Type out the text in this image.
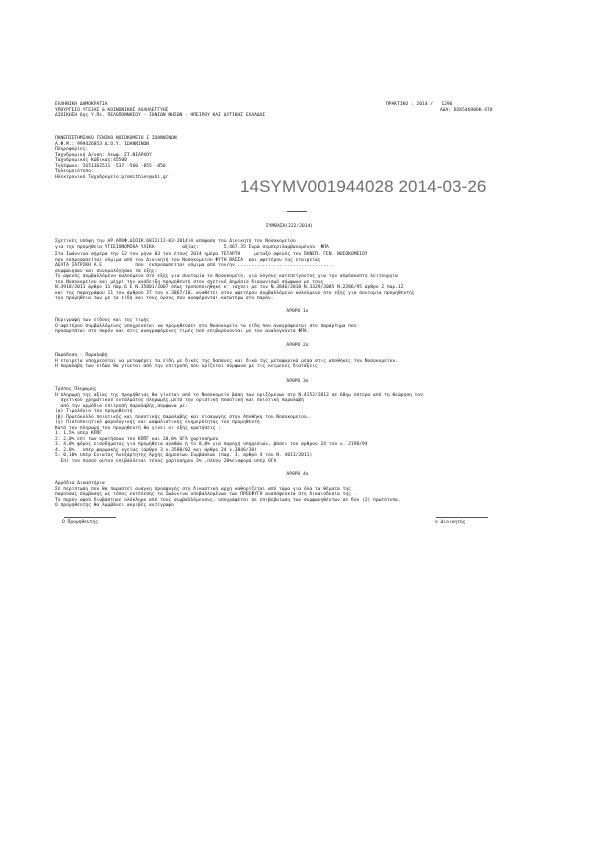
ΕΛΛΗΝΙΚΗ ΔΗΜΟΚΡΑΤΙΑ
ΥΠΟΥΡΓΕΙΟ ΥΓΕΙΑΣ & ΚΟΙΝΩΝΙΚΗΣ ΑΛΛΗΛΕΓΓΥΗΣ
ΔΙΟΙΚΗΣΗ 6ης Υ.Πε. ΠΕΛΟΠΟΝΝΗΣΟΥ - ΙΟΝΙΩΝ ΝΗΣΩΝ - ΗΠΕΙΡΟΥ ΚΑΙ ΔΥΤΙΚΗΣ ΕΛΛΑΔΑΣ
ΠΡΑΚΤΙΚΟ : 2014 /   1296
ΑΔΑ: ΒΙΚ546906Κ-47Θ
ΠΑΝΕΠΙΣΤΗΜΙΑΚΟ ΓΕΝΙΚΟ ΝΟΣΟΚΟΜΕΙΟ Ι ΙΩΑΝΝΙΝΩΝ
Α.Φ.Μ.: 999426853 Δ.Ο.Υ. ΙΩΑΝΝΙΝΩΝ
Πληροφορίες:
Ταχυδρομική Δ/νση: Λεωφ. ΣΤ.ΝΙΑΡΧΟΥ
Ταχυδρομικός Κώδικας:45500
Τηλέφωνο: 2651362511 -537 -560 -855 -856
Τηλεομοιότυπο:
Ηλεκτρονικό Ταχυδρομείο:promithies@uhi.gr	14SYMV001944028 2014-03-26
ΣΥΜΒΑΣΗ(222/2014)
Σχετικές υπόψη την ΑΡ.ΑΠΟΦ.ΔΙΟΙΚ.6812(12-03-2014)Α απόφαση του Διοικητή του Νοσοκομείου
για την προμήθεια ΥΓΙΕΙΟΝΟΜΙΚΑ ΥΛΙΚΑ          αξίας:         5,467.35 Ευρώ συμπεριλαμβανομένου  ΦΠΑ
Στα Ιωάννινα σήμερα την 12 του μήνα 03 του έτους 2014 ημέρα ΤΕΤΑΡΤΗ     μεταξύ αφενός του ΠΑΝΕΠ. ΓΕΝ. ΝΟΣΟΚΟΜΕΙΟΥ
που εκπροσωπείται νόμιμα από τον Διοικητή του Νοσοκομείου ΦΥΤΗ ΒΑΣΣΑ  και αφετέρου της εταιρείας
ΔΕΛΤΑ ΙΑΤΡΙΚΗ Α.Ε            που  εκπροσωπείται νόμιμα από τον/ην ...................................
συμφώνησαν και συνομολόγησαν τα εξής:
Το αφενός συμβαλλόμενο καλούμενο στο εξής για συντομία το Νοσοκομείο, για λόγους κατεπείγοντος για την απρόσκοπτη λειτουργία
του Νοσοκομείου και μέχρι την ανάδειξη προμηθευτή στον σχετικό Δημόσιο διαγωνισμό σύμφωνα με τους
Ν.3918/2011 άρθρο 11 παρ.6 Ε Ν.35801/2007 όπως τροποποιήθηκε κ' ισχύει με τον Ν.3846/2010 Ν.3329/2005 Ν.2286/95 άρθρο 2 παρ.12
και της παραγράφου 11 του άρθρου 27 του ν.3867/10, αναθέτει στον αφετέρου συμβαλλόμενο καλούμενο στο εξής για συντομία προμηθευτής
την προμήθεια των με τα είδη και τους όρους που αναφέρονται κατωτέρω στο παρόν.
ΑΡΘΡΟ 1ο
Περιγραφή των είδους και της τιμής
Ο αφετέρου συμβαλλόμενος υποχρεούται να προμηθεύσει στο Νοσοκομείο τα είδη που αναγράφονται στο παράρτημα που
προσαρτάται στο παρόν και στις αναγραφόμενες τιμές πού επιβαρύνονται με τον αναλογούντα ΦΠΑ.
ΑΡΘΡΟ 2ο
Παράδοση - Παραλαβή
Η εταιρεία υποχρεούται να μεταφέρει τα είδη με δικές της δαπάνες και δικά της μεταφορικά μέσα στις αποθήκες του Νοσοκομείου.
Η παραλαβή των ειδών θα γίνεται από την επιτροπή που ορίζεται σύμφωνα με τις κείμενες διατάξεις
ΑΡΘΡΟ 3ο
Τρόπος Πληρωμής
Η πληρωμή της αξίας της προμήθειας θα γίνεται από το Νοσοκομείο βάση των οριζόμενων στο Ν.4152/2013 σε 60ημ ύστερα από τη θεώρηση του
σχετικού χρηματικού εντάλματος πληρωμής,μετά την οριστική ποσοτική και ποιοτική παραλαβή
από την αρμόδια επιτροπή παραλαβής,σύμφωνα με:
(α) Τιμολόγιο του προμηθευτή
(β) Πρωτόκολλο ποιοτικής και ποσοτικής παραλαβής και εισαγωγής στην Αποθήκη του Νοσοκομείου.
(γ) Πιστοποιητικό φορολογικής και ασφαλιστικής ενημερότητας του προμηθευτή
Κατά την πληρωμή του προμηθευτή θα γίνει οι εξής κρατήσεις :
1. 1,5% υπέρ ΚΠΠΓ
2. 2,0% επί των κρατήσεων του ΚΠΠΓ και 20,0% ΟΓΑ χαρτοσήμου
3. 4,0% φόρος εισοδήματος για προμήθεια αγαθών ή το 8,0% για παροχή υπηρεσιών, βάσει του άρθρου 24 του ν. 2198/94
4. 2,0%   υπέρ φαρμακής υγείας (άρθρο 3 ν.3580/02 και άρθρο 24 ν.3846/10)
5. 0,10% υπέρ Ενιαίας Ανεξάρτητης Αρχής Δημοσίων Συμβάσεων (παρ. 3, άρθρο 4 του Ν. 4013/2011)
Επί του ποσού αυτού επιβάλλεται τέλος χαρτοσήμου 3% ,πλέον 20%εισφορά υπέρ ΟΓΑ
ΑΡΘΡΟ 4ο
Αρμόδια Δικαστήρια
Σε περίπτωση που θα παραστεί ανάγκη προσφυγής στη δικαστική αρχή καθορίζεται από τώρα για όλα τα θέματα της
παρούσας σύμβασης ως τόπος εκτέλεσης τα Ιωάννινα υποβαλλομένων των ΠΡΟΣΦΥΓΗ αναπόφευκτα στη δικαιοδοσία της .
Το παρόν αφού διαβάστηκε ολόκληρο από τους συμβαλλόμενους, υπογράφεται σε επιβεβαίωση των συμφωνηθέντων σε δύο (2) πρωτότυπα.
Ο προμηθευτής θα λαμβάνει ακριβές αντίγραφο
Ο Προμηθευτής	ο Διοικητής
